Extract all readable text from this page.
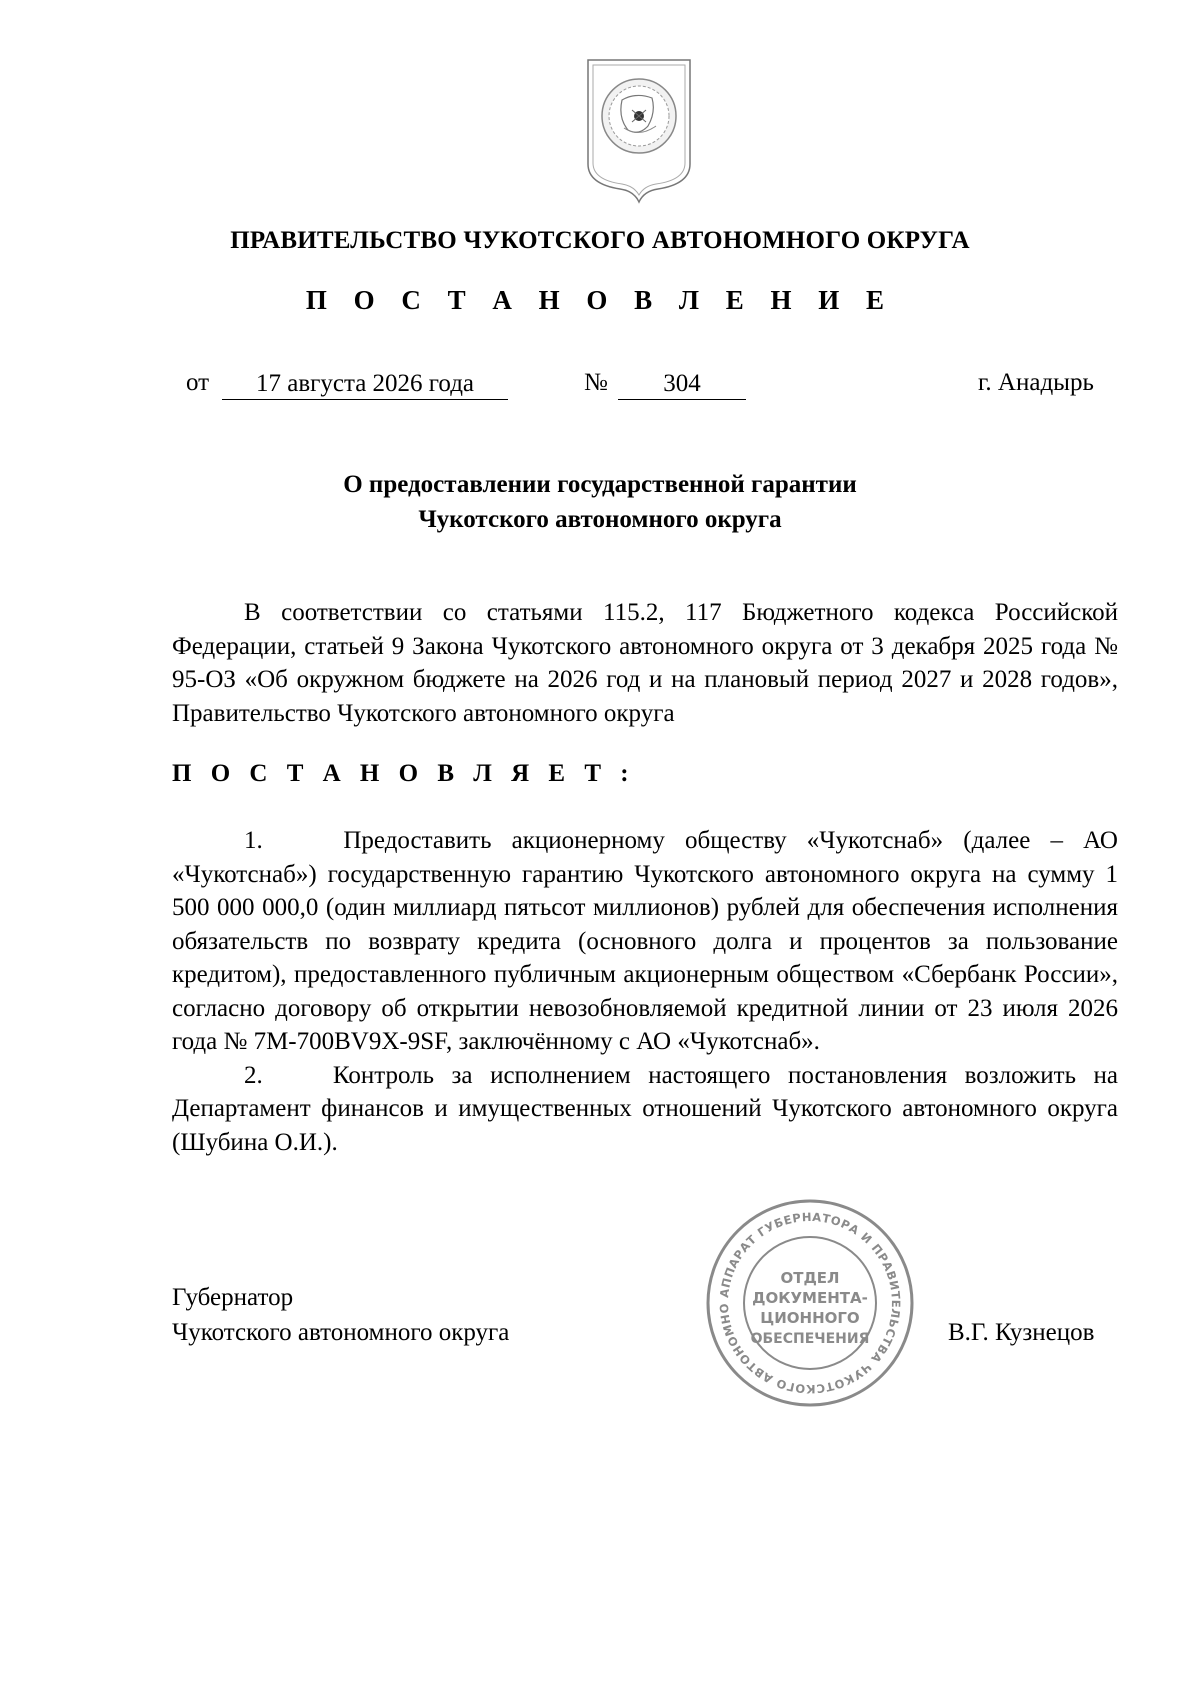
ПРАВИТЕЛЬСТВО ЧУКОТСКОГО АВТОНОМНОГО ОКРУГА
П О С Т А Н О В Л Е Н И Е
от	17 августа 2026 года	№	304	г. Анадырь
О предоставлении государственной гарантии
Чукотского автономного округа

В соответствии со статьями 115.2, 117 Бюджетного кодекса Российской Федерации, статьей 9 Закона Чукотского автономного округа от 3 декабря 2025 года № 95-ОЗ «Об окружном бюджете на 2026 год и на плановый период 2027 и 2028 годов», Правительство Чукотского автономного округа

П О С Т А Н О В Л Я Е Т :

1.    Предоставить акционерному обществу «Чукотснаб» (далее – АО «Чукотснаб») государственную гарантию Чукотского автономного округа на сумму 1 500 000 000,0 (один миллиард пятьсот миллионов) рублей для обеспечения исполнения обязательств по возврату кредита (основного долга и процентов за пользование кредитом), предоставленного публичным акционерным обществом «Сбербанк России», согласно договору об открытии невозобновляемой кредитной линии от 23 июля 2026 года № 7М-700BV9X-9SF, заключённому с АО «Чукотснаб».

2.    Контроль за исполнением настоящего постановления возложить на Департамент финансов и имущественных отношений Чукотского автономного округа (Шубина О.И.).

Губернатор
Чукотского автономного округа	В.Г. Кузнецов
АППАРАТ ГУБЕРНАТОРА И ПРАВИТЕЛЬСТВА ЧУКОТСКОГО АВТОНОМНО
ОТДЕЛ
ДОКУМЕНТА-
ЦИОННОГО
ОБЕСПЕЧЕНИЯ
